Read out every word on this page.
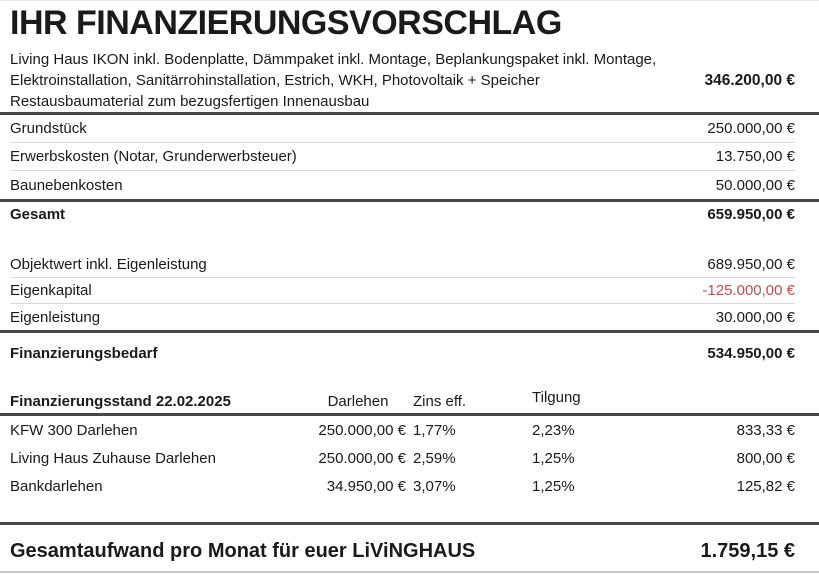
IHR FINANZIERUNGSVORSCHLAG
Living Haus IKON inkl. Bodenplatte, Dämmpaket inkl. Montage, Beplankungspaket inkl. Montage,
Elektroinstallation, Sanitärrohinstallation, Estrich, WKH, Photovoltaik + Speicher
Restausbaumaterial zum bezugsfertigen Innenausbau
346.200,00 €
Grundstück	250.000,00 €
Erwerbskosten (Notar, Grunderwerbsteuer)	13.750,00 €
Baunebenkosten	50.000,00 €
Gesamt	659.950,00 €
Objektwert inkl. Eigenleistung	689.950,00 €
Eigenkapital	-125.000,00 €
Eigenleistung	30.000,00 €
Finanzierungsbedarf	534.950,00 €
Finanzierungsstand 22.02.2025	Darlehen	Zins eff.	Tilgung
KFW 300 Darlehen	250.000,00 € 1,77%	2,23%	833,33 €
Living Haus Zuhause Darlehen	250.000,00 € 2,59%	1,25%	800,00 €
Bankdarlehen	34.950,00 € 3,07%	1,25%	125,82 €
Gesamtaufwand pro Monat für euer LiViNGHAUS	1.759,15 €
